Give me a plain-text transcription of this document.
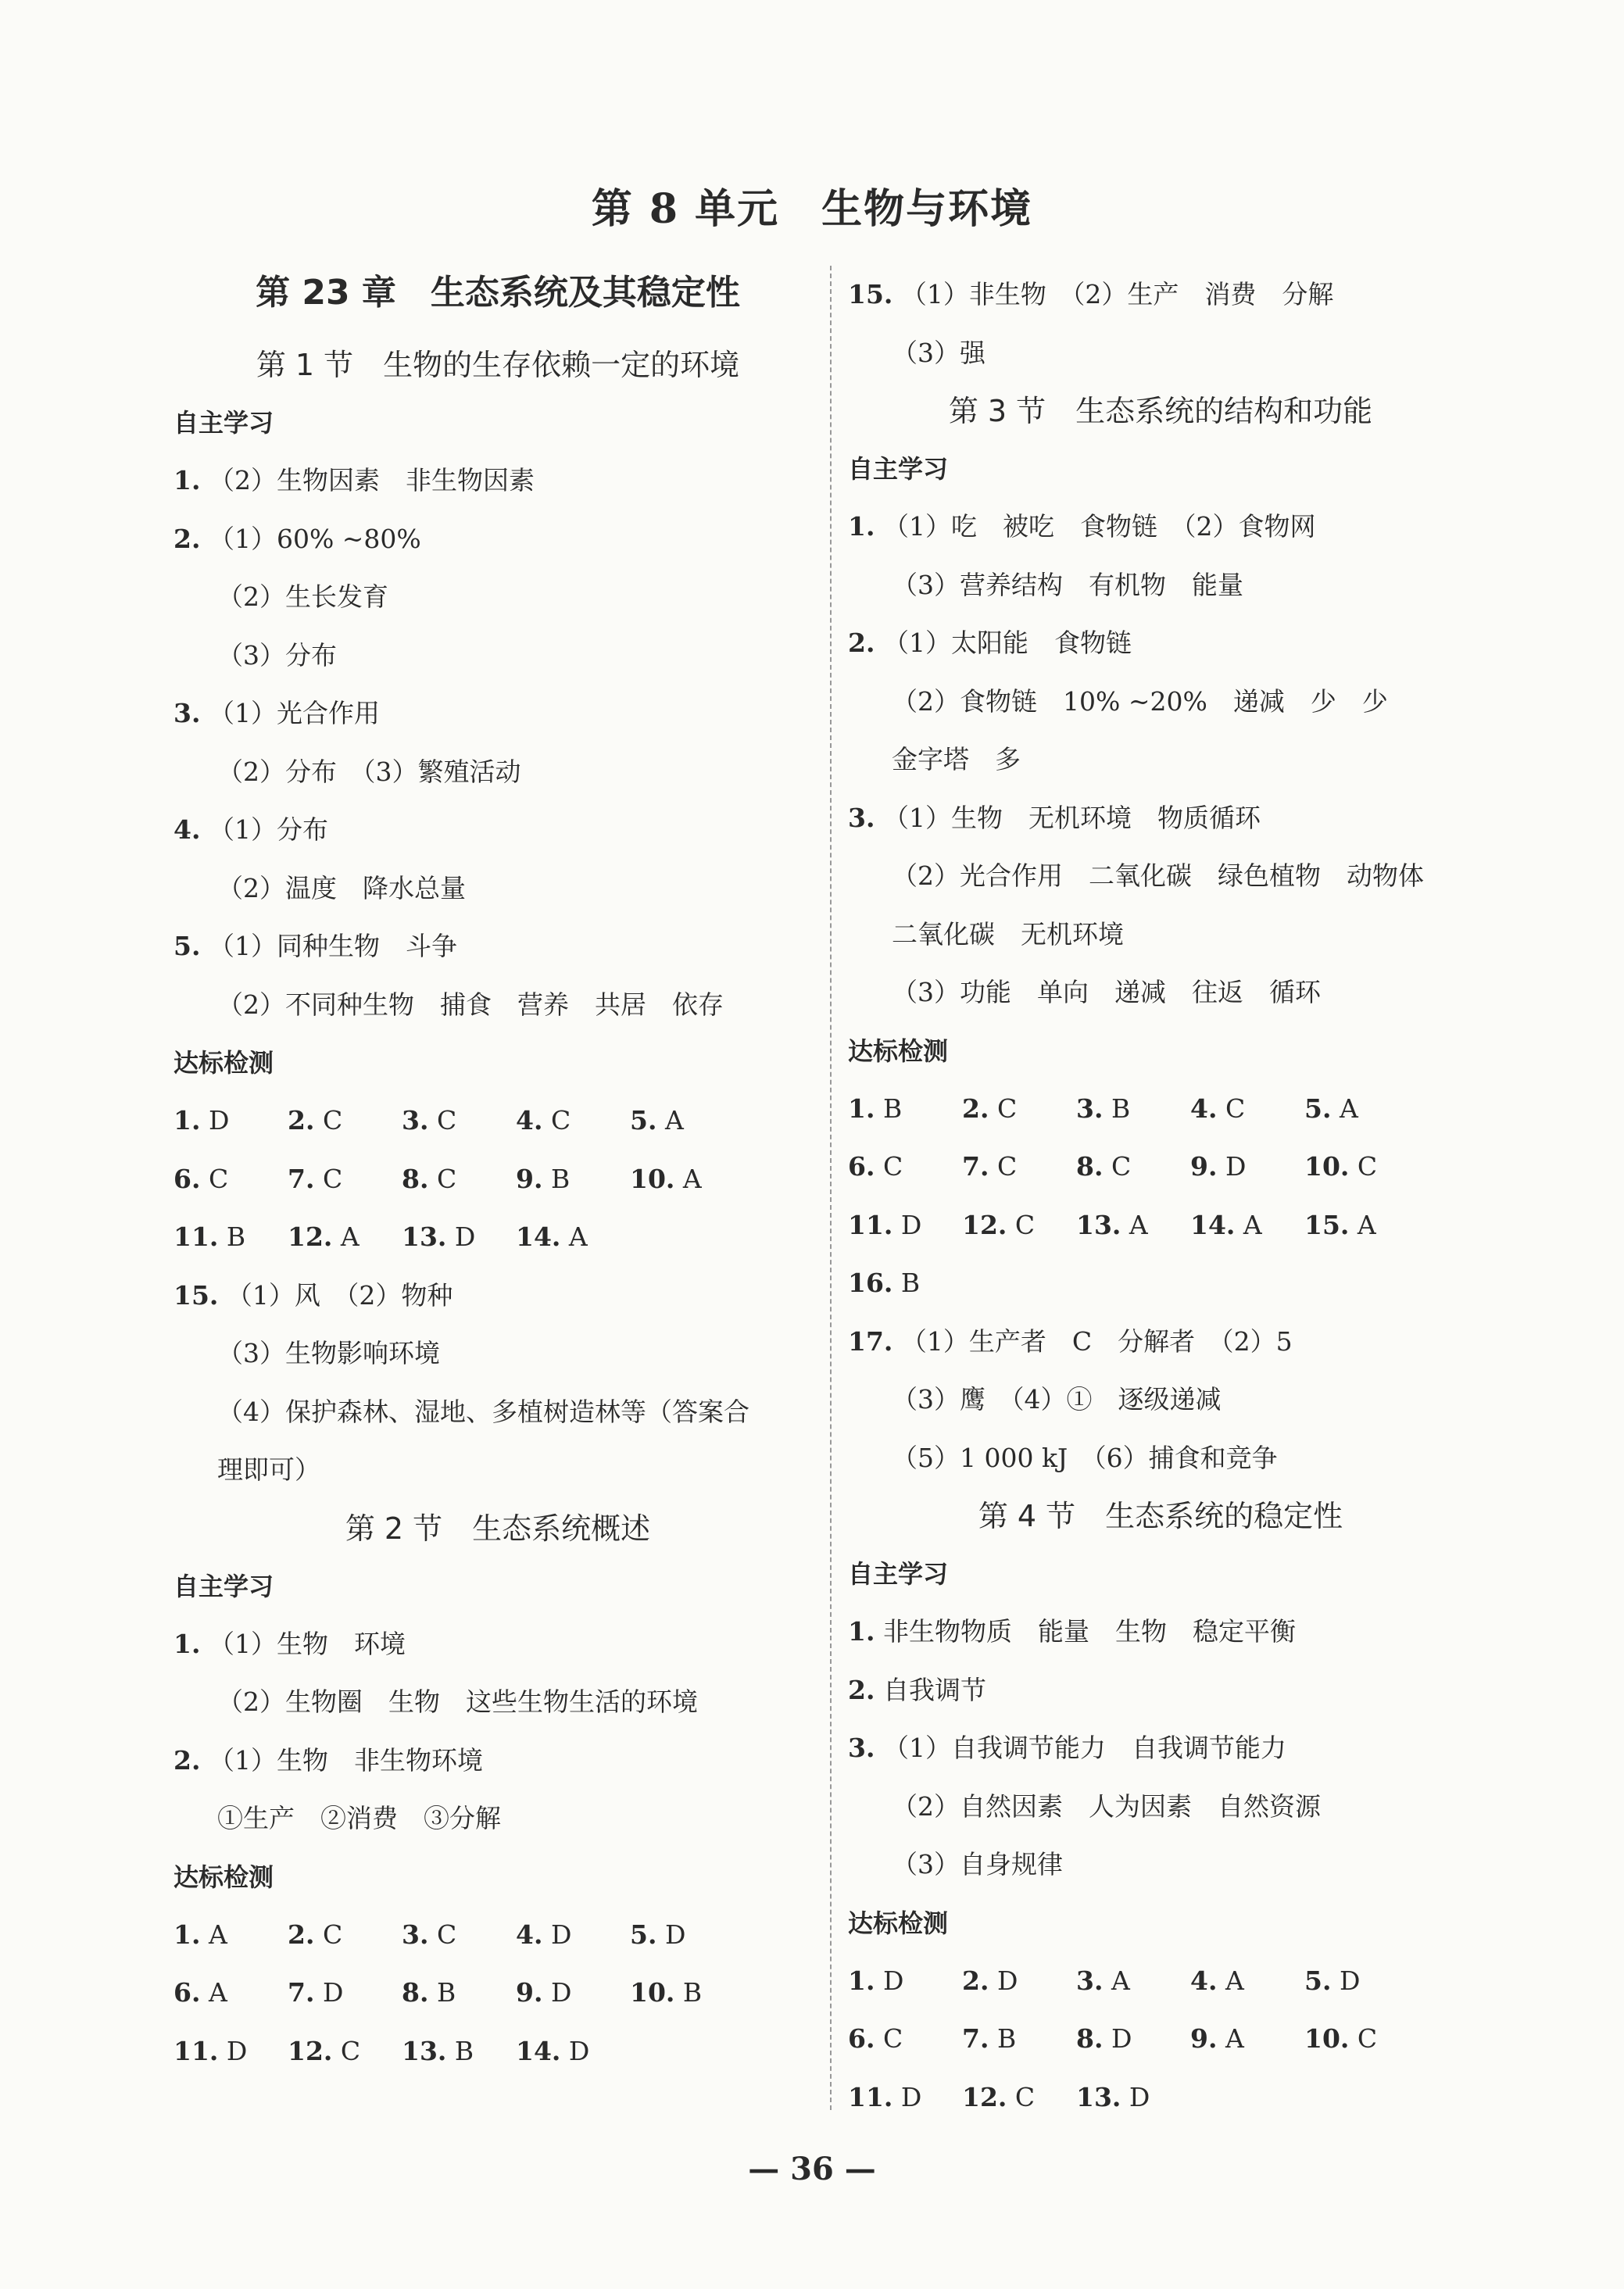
第 8 单元　生物与环境
第 23 章　生态系统及其稳定性
第 1 节　生物的生存依赖一定的环境
自主学习
1. （2）生物因素　非生物因素
2. （1）60% ~80%
（2）生长发育
（3）分布
3. （1）光合作用
（2）分布　（3）繁殖活动
4. （1）分布
（2）温度　降水总量
5. （1）同种生物　斗争
（2）不同种生物　捕食　营养　共居　依存
达标检测
1. D 2. C 3. C 4. C 5. A
6. C 7. C 8. C 9. B 10. A
11. B 12. A 13. D 14. A
15. （1）风　（2）物种
（3）生物影响环境
（4）保护森林、湿地、多植树造林等（答案合
理即可）
第 2 节　生态系统概述
自主学习
1. （1）生物　环境
（2）生物圈　生物　这些生物生活的环境
2. （1）生物　非生物环境
①生产　②消费　③分解
达标检测
1. A 2. C 3. C 4. D 5. D
6. A 7. D 8. B 9. D 10. B
11. D 12. C 13. B 14. D
15. （1）非生物　（2）生产　消费　分解
（3）强
第 3 节　生态系统的结构和功能
自主学习
1. （1）吃　被吃　食物链　（2）食物网
（3）营养结构　有机物　能量
2. （1）太阳能　食物链
（2）食物链　10% ~20%　递减　少　少
金字塔　多
3. （1）生物　无机环境　物质循环
（2）光合作用　二氧化碳　绿色植物　动物体
二氧化碳　无机环境
（3）功能　单向　递减　往返　循环
达标检测
1. B 2. C 3. B 4. C 5. A
6. C 7. C 8. C 9. D 10. C
11. D 12. C 13. A 14. A 15. A
16. B
17. （1）生产者　C　分解者　（2）5
（3）鹰　（4）①　逐级递减
（5）1 000 kJ　（6）捕食和竞争
第 4 节　生态系统的稳定性
自主学习
1. 非生物物质　能量　生物　稳定平衡
2. 自我调节
3. （1）自我调节能力　自我调节能力
（2）自然因素　人为因素　自然资源
（3）自身规律
达标检测
1. D 2. D 3. A 4. A 5. D
6. C 7. B 8. D 9. A 10. C
11. D 12. C 13. D
— 36 —
